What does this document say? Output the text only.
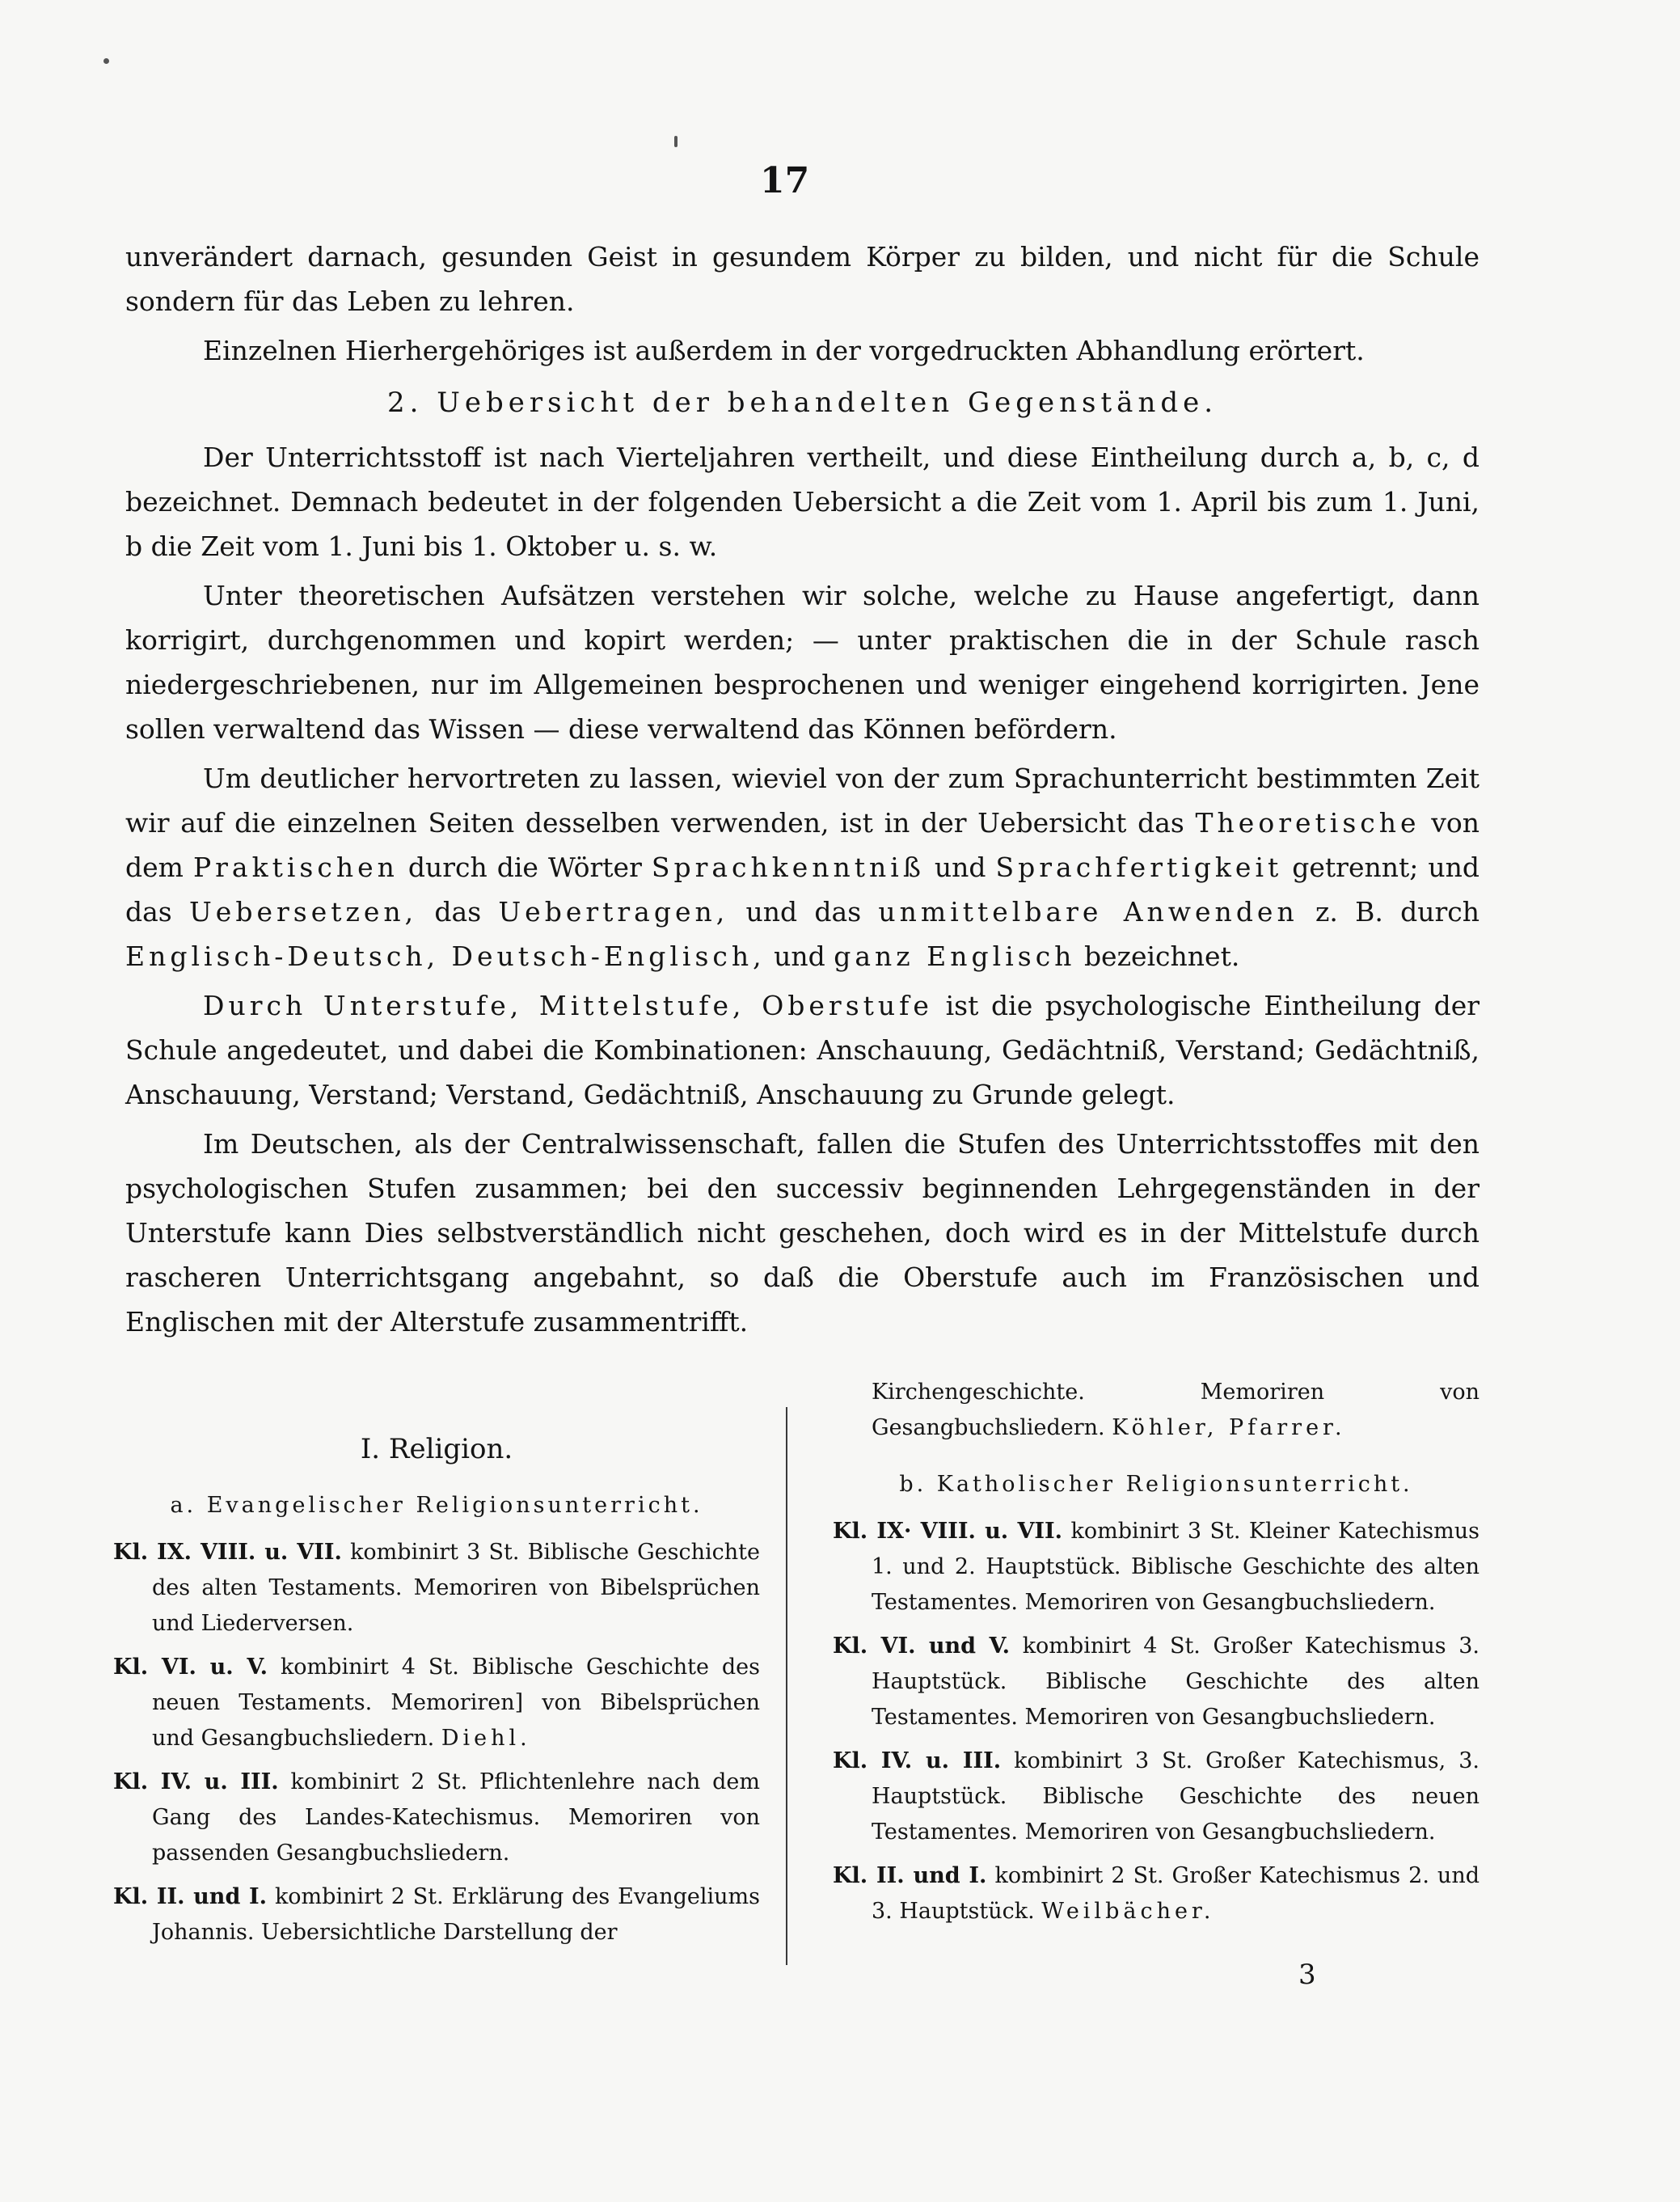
17

unverändert darnach, gesunden Geist in gesundem Körper zu bilden, und nicht für die Schule sondern für das Leben zu lehren.

Einzelnen Hierhergehöriges ist außerdem in der vorgedruckten Abhandlung erörtert.

2. Uebersicht der behandelten Gegenstände.

Der Unterrichtsstoff ist nach Vierteljahren vertheilt, und diese Eintheilung durch a, b, c, d bezeichnet. Demnach bedeutet in der folgenden Uebersicht a die Zeit vom 1. April bis zum 1. Juni, b die Zeit vom 1. Juni bis 1. Oktober u. s. w.

Unter theoretischen Aufsätzen verstehen wir solche, welche zu Hause angefertigt, dann korrigirt, durchgenommen und kopirt werden; — unter praktischen die in der Schule rasch niedergeschriebenen, nur im Allgemeinen besprochenen und weniger eingehend korrigirten. Jene sollen verwaltend das Wissen — diese verwaltend das Können befördern.

Um deutlicher hervortreten zu lassen, wieviel von der zum Sprachunterricht bestimmten Zeit wir auf die einzelnen Seiten desselben verwenden, ist in der Uebersicht das Theoretische von dem Praktischen durch die Wörter Sprachkenntniß und Sprachfertigkeit getrennt; und das Uebersetzen, das Uebertragen, und das unmittelbare Anwenden z. B. durch Englisch-Deutsch, Deutsch-Englisch, und ganz Englisch bezeichnet.

Durch Unterstufe, Mittelstufe, Oberstufe ist die psychologische Eintheilung der Schule angedeutet, und dabei die Kombinationen: Anschauung, Gedächtniß, Verstand; Gedächtniß, Anschauung, Verstand; Verstand, Gedächtniß, Anschauung zu Grunde gelegt.

Im Deutschen, als der Centralwissenschaft, fallen die Stufen des Unterrichtsstoffes mit den psychologischen Stufen zusammen; bei den successiv beginnenden Lehrgegenständen in der Unterstufe kann Dies selbstverständlich nicht geschehen, doch wird es in der Mittelstufe durch rascheren Unterrichtsgang angebahnt, so daß die Oberstufe auch im Französischen und Englischen mit der Alterstufe zusammentrifft.

I. Religion.

a. Evangelischer Religionsunterricht.

Kl. IX. VIII. u. VII. kombinirt 3 St. Biblische Geschichte des alten Testaments. Memoriren von Bibelsprüchen und Liederversen.

Kl. VI. u. V. kombinirt 4 St. Biblische Geschichte des neuen Testaments. Memoriren] von Bibelsprüchen und Gesangbuchsliedern. Diehl.

Kl. IV. u. III. kombinirt 2 St. Pflichtenlehre nach dem Gang des Landes-Katechismus. Memoriren von passenden Gesangbuchsliedern.

Kl. II. und I. kombinirt 2 St. Erklärung des Evangeliums Johannis. Uebersichtliche Darstellung der

Kirchengeschichte. Memoriren von Gesangbuchsliedern. Köhler, Pfarrer.

b. Katholischer Religionsunterricht.

Kl. IX· VIII. u. VII. kombinirt 3 St. Kleiner Katechismus 1. und 2. Hauptstück. Biblische Geschichte des alten Testamentes. Memoriren von Gesangbuchsliedern.

Kl. VI. und V. kombinirt 4 St. Großer Katechismus 3. Hauptstück. Biblische Geschichte des alten Testamentes. Memoriren von Gesangbuchsliedern.

Kl. IV. u. III. kombinirt 3 St. Großer Katechismus, 3. Hauptstück. Biblische Geschichte des neuen Testamentes. Memoriren von Gesangbuchsliedern.

Kl. II. und I. kombinirt 2 St. Großer Katechismus 2. und 3. Hauptstück. Weilbächer.

3
